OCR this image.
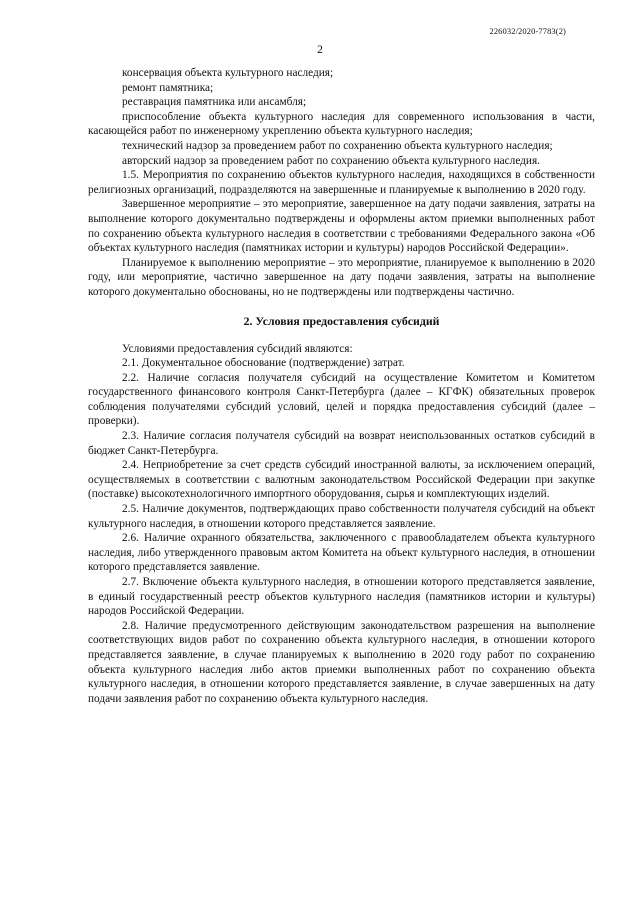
226032/2020-7783(2)
2

консервация объекта культурного наследия;

ремонт памятника;

реставрация памятника или ансамбля;

приспособление объекта культурного наследия для современного использования в части, касающейся работ по инженерному укреплению объекта культурного наследия;

технический надзор за проведением работ по сохранению объекта культурного наследия;

авторский надзор за проведением работ по сохранению объекта культурного наследия.

1.5. Мероприятия по сохранению объектов культурного наследия, находящихся в собственности религиозных организаций, подразделяются на завершенные и планируемые к выполнению в 2020 году.

Завершенное мероприятие – это мероприятие, завершенное на дату подачи заявления, затраты на выполнение которого документально подтверждены и оформлены актом приемки выполненных работ по сохранению объекта культурного наследия в соответствии с требованиями Федерального закона «Об объектах культурного наследия (памятниках истории и культуры) народов Российской Федерации».

Планируемое к выполнению мероприятие – это мероприятие, планируемое к выполнению в 2020 году, или мероприятие, частично завершенное на дату подачи заявления, затраты на выполнение которого документально обоснованы, но не подтверждены или подтверждены частично.

2. Условия предоставления субсидий

Условиями предоставления субсидий являются:

2.1. Документальное обоснование (подтверждение) затрат.

2.2. Наличие согласия получателя субсидий на осуществление Комитетом и Комитетом государственного финансового контроля Санкт-Петербурга (далее – КГФК) обязательных проверок соблюдения получателями субсидий условий, целей и порядка предоставления субсидий (далее – проверки).

2.3. Наличие согласия получателя субсидий на возврат неиспользованных остатков субсидий в бюджет Санкт-Петербурга.

2.4. Неприобретение за счет средств субсидий иностранной валюты, за исключением операций, осуществляемых в соответствии с валютным законодательством Российской Федерации при закупке (поставке) высокотехнологичного импортного оборудования, сырья и комплектующих изделий.

2.5. Наличие документов, подтверждающих право собственности получателя субсидий на объект культурного наследия, в отношении которого представляется заявление.

2.6. Наличие охранного обязательства, заключенного с правообладателем объекта культурного наследия, либо утвержденного правовым актом Комитета на объект культурного наследия, в отношении которого представляется заявление.

2.7. Включение объекта культурного наследия, в отношении которого представляется заявление, в единый государственный реестр объектов культурного наследия (памятников истории и культуры) народов Российской Федерации.

2.8. Наличие предусмотренного действующим законодательством разрешения на выполнение соответствующих видов работ по сохранению объекта культурного наследия, в отношении которого представляется заявление, в случае планируемых к выполнению в 2020 году работ по сохранению объекта культурного наследия либо актов приемки выполненных работ по сохранению объекта культурного наследия, в отношении которого представляется заявление, в случае завершенных на дату подачи заявления работ по сохранению объекта культурного наследия.
